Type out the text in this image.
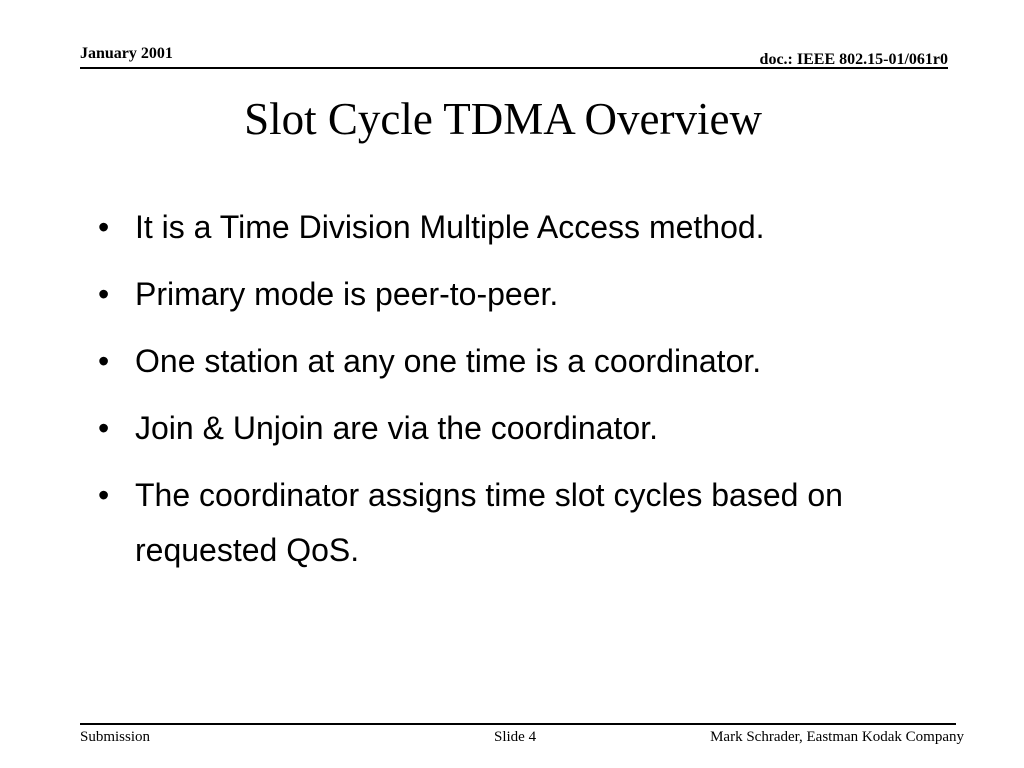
January 2001	doc.: IEEE 802.15-01/061r0
Slot Cycle TDMA Overview
• It is a Time Division Multiple Access method.
• Primary mode is peer-to-peer.
• One station at any one time is a coordinator.
• Join & Unjoin are via the coordinator.
• The coordinator assigns time slot cycles based on requested QoS.
Submission	Slide 4	Mark Schrader, Eastman Kodak Company
